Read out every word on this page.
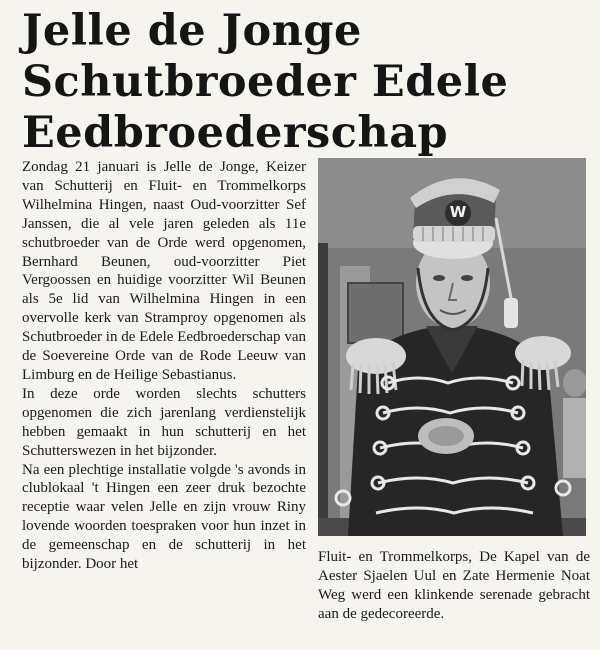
Jelle de Jonge
Schutbroeder Edele
Eedbroederschap

Zondag 21 januari is Jelle de Jonge, Keizer van Schutterij en Fluit- en Trommelkorps Wilhelmina Hingen, naast Oud-voorzitter Sef Janssen, die al vele jaren geleden als 11e schutbroeder van de Orde werd opgenomen, Bernhard Beunen, oud-voorzitter Piet Vergoossen en huidige voorzitter Wil Beunen als 5e lid van Wilhelmina Hingen in een overvolle kerk van Stramproy opgenomen als Schutbroeder in de Edele Eedbroederschap van de Soevereine Orde van de Rode Leeuw van Limburg en de Heilige Sebastianus.

In deze orde worden slechts schutters opgenomen die zich jarenlang verdienstelijk hebben gemaakt in hun schutterij en het Schutterswezen in het bijzonder.

Na een plechtige installatie volgde 's avonds in clublokaal 't Hingen een zeer druk bezochte receptie waar velen Jelle en zijn vrouw Riny lovende woorden toespraken voor hun inzet in de gemeenschap en de schutterij in het bijzonder. Door het

W

Fluit- en Trommelkorps, De Kapel van de Aester Sjaelen Uul en Zate Hermenie Noat Weg werd een klinkende serenade gebracht aan de gedecoreerde.
